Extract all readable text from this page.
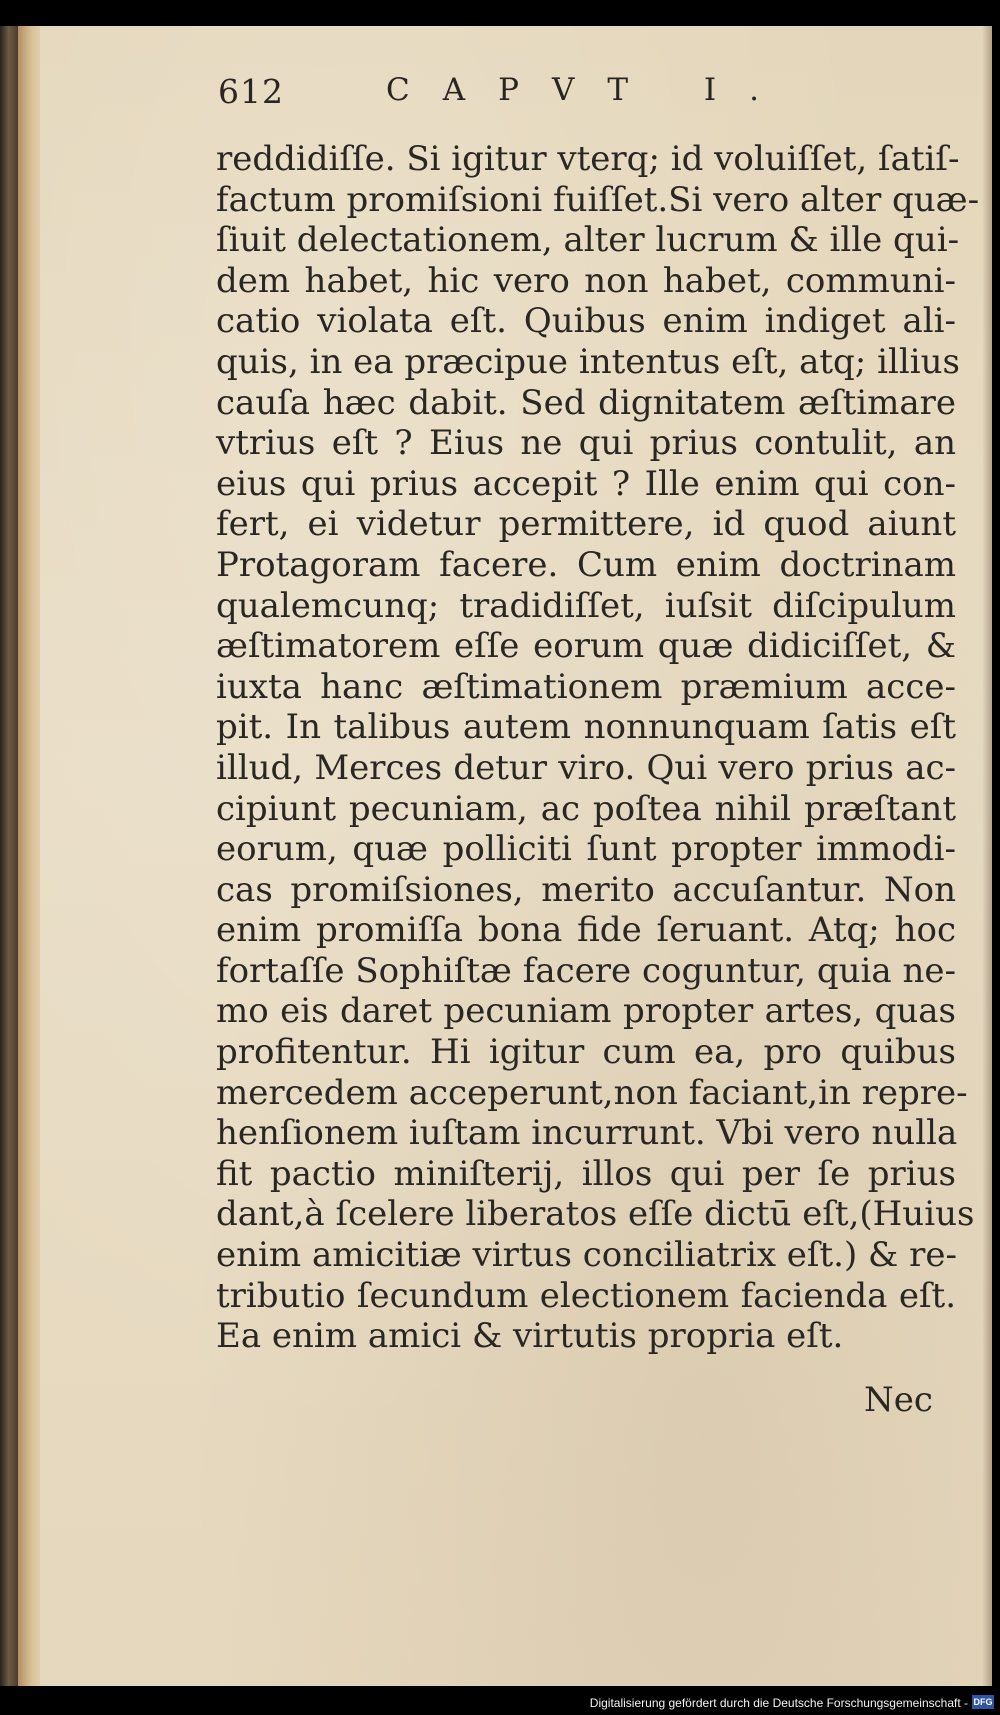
612	CAPVT I.
reddidiſſe. Si igitur vterq; id voluiſſet, ſatiſ-
factum promiſsioni fuiſſet.Si vero alter quæ-
ſiuit delectationem, alter lucrum & ille qui-
dem habet, hic vero non habet, communi-
catio violata eſt. Quibus enim indiget ali-
quis, in ea præcipue intentus eſt, atq; illius
cauſa hæc dabit. Sed dignitatem æſtimare
vtrius eſt ? Eius ne qui prius contulit, an
eius qui prius accepit ? Ille enim qui con-
fert, ei videtur permittere, id quod aiunt
Protagoram facere. Cum enim doctrinam
qualemcunq; tradidiſſet, iuſsit diſcipulum
æſtimatorem eſſe eorum quæ didiciſſet, &
iuxta hanc æſtimationem præmium acce-
pit. In talibus autem nonnunquam ſatis eſt
illud, Merces detur viro. Qui vero prius ac-
cipiunt pecuniam, ac poſtea nihil præſtant
eorum, quæ polliciti ſunt propter immodi-
cas promiſsiones, merito accuſantur. Non
enim promiſſa bona fide ſeruant. Atq; hoc
fortaſſe Sophiſtæ facere coguntur, quia ne-
mo eis daret pecuniam propter artes, quas
profitentur. Hi igitur cum ea, pro quibus
mercedem acceperunt,non faciant,in repre-
henſionem iuſtam incurrunt. Vbi vero nulla
fit pactio miniſterij, illos qui per ſe prius
dant,à ſcelere liberatos eſſe dictū eſt,(Huius
enim amicitiæ virtus conciliatrix eſt.) & re-
tributio ſecundum electionem facienda eſt.
Ea enim amici & virtutis propria eſt.
Nec
Digitalisierung gefördert durch die Deutsche Forschungsgemeinschaft - DFG
